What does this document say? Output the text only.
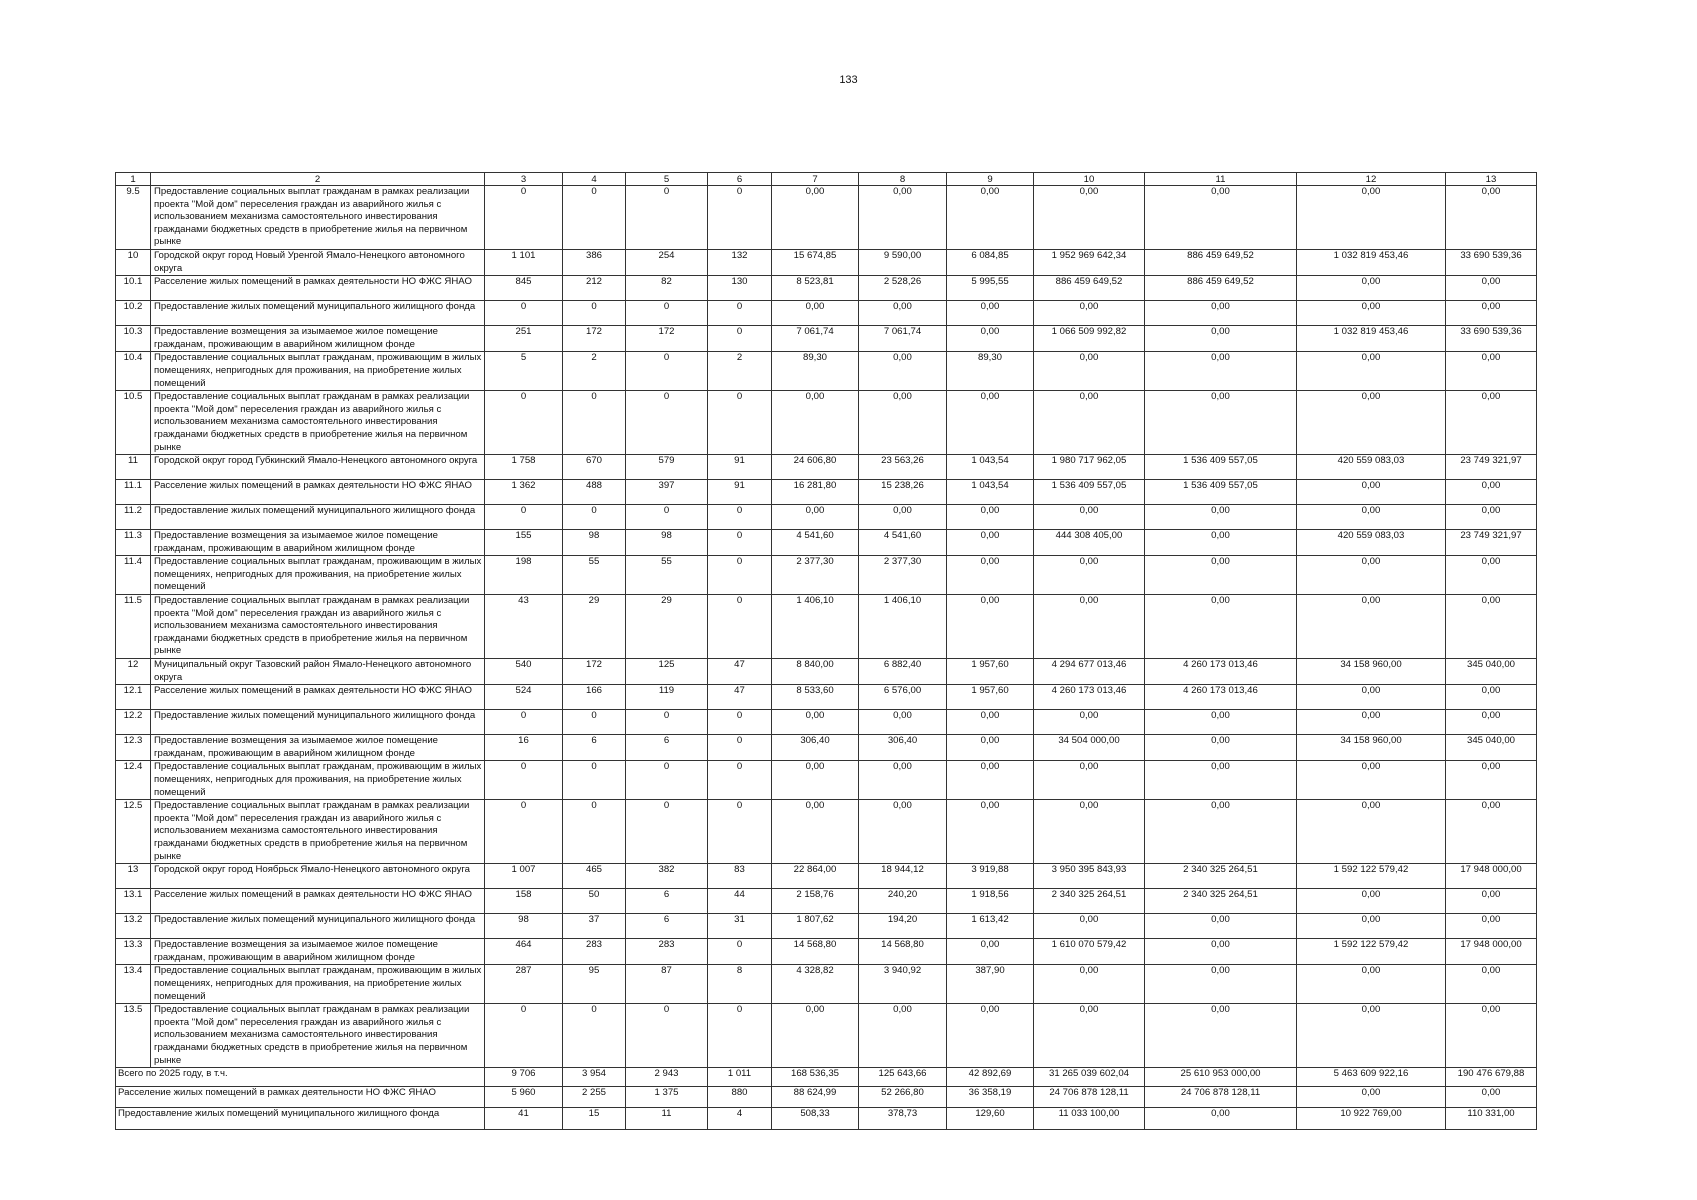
133
1	2	3	4	5	6	7	8	9	10	11	12	13
9.5	Предоставление социальных выплат гражданам в рамках реализации проекта "Мой дом" переселения граждан из аварийного жилья с использованием механизма самостоятельного инвестирования гражданами бюджетных средств в приобретение жилья на первичном рынке	0	0	0	0	0,00	0,00	0,00	0,00	0,00	0,00	0,00
10	Городской округ город Новый Уренгой Ямало-Ненецкого автономного округа	1 101	386	254	132	15 674,85	9 590,00	6 084,85	1 952 969 642,34	886 459 649,52	1 032 819 453,46	33 690 539,36
10.1	Расселение жилых помещений в рамках деятельности НО ФЖС ЯНАО	845	212	82	130	8 523,81	2 528,26	5 995,55	886 459 649,52	886 459 649,52	0,00	0,00
10.2	Предоставление жилых помещений муниципального жилищного фонда	0	0	0	0	0,00	0,00	0,00	0,00	0,00	0,00	0,00
10.3	Предоставление возмещения за изымаемое жилое помещение гражданам, проживающим в аварийном жилищном фонде	251	172	172	0	7 061,74	7 061,74	0,00	1 066 509 992,82	0,00	1 032 819 453,46	33 690 539,36
10.4	Предоставление социальных выплат гражданам, проживающим в жилых помещениях, непригодных для проживания, на приобретение жилых помещений	5	2	0	2	89,30	0,00	89,30	0,00	0,00	0,00	0,00
10.5	Предоставление социальных выплат гражданам в рамках реализации проекта "Мой дом" переселения граждан из аварийного жилья с использованием механизма самостоятельного инвестирования гражданами бюджетных средств в приобретение жилья на первичном рынке	0	0	0	0	0,00	0,00	0,00	0,00	0,00	0,00	0,00
11	Городской округ город Губкинский Ямало-Ненецкого автономного округа	1 758	670	579	91	24 606,80	23 563,26	1 043,54	1 980 717 962,05	1 536 409 557,05	420 559 083,03	23 749 321,97
11.1	Расселение жилых помещений в рамках деятельности НО ФЖС ЯНАО	1 362	488	397	91	16 281,80	15 238,26	1 043,54	1 536 409 557,05	1 536 409 557,05	0,00	0,00
11.2	Предоставление жилых помещений муниципального жилищного фонда	0	0	0	0	0,00	0,00	0,00	0,00	0,00	0,00	0,00
11.3	Предоставление возмещения за изымаемое жилое помещение гражданам, проживающим в аварийном жилищном фонде	155	98	98	0	4 541,60	4 541,60	0,00	444 308 405,00	0,00	420 559 083,03	23 749 321,97
11.4	Предоставление социальных выплат гражданам, проживающим в жилых помещениях, непригодных для проживания, на приобретение жилых помещений	198	55	55	0	2 377,30	2 377,30	0,00	0,00	0,00	0,00	0,00
11.5	Предоставление социальных выплат гражданам в рамках реализации проекта "Мой дом" переселения граждан из аварийного жилья с использованием механизма самостоятельного инвестирования гражданами бюджетных средств в приобретение жилья на первичном рынке	43	29	29	0	1 406,10	1 406,10	0,00	0,00	0,00	0,00	0,00
12	Муниципальный округ Тазовский район Ямало-Ненецкого автономного округа	540	172	125	47	8 840,00	6 882,40	1 957,60	4 294 677 013,46	4 260 173 013,46	34 158 960,00	345 040,00
12.1	Расселение жилых помещений в рамках деятельности НО ФЖС ЯНАО	524	166	119	47	8 533,60	6 576,00	1 957,60	4 260 173 013,46	4 260 173 013,46	0,00	0,00
12.2	Предоставление жилых помещений муниципального жилищного фонда	0	0	0	0	0,00	0,00	0,00	0,00	0,00	0,00	0,00
12.3	Предоставление возмещения за изымаемое жилое помещение гражданам, проживающим в аварийном жилищном фонде	16	6	6	0	306,40	306,40	0,00	34 504 000,00	0,00	34 158 960,00	345 040,00
12.4	Предоставление социальных выплат гражданам, проживающим в жилых помещениях, непригодных для проживания, на приобретение жилых помещений	0	0	0	0	0,00	0,00	0,00	0,00	0,00	0,00	0,00
12.5	Предоставление социальных выплат гражданам в рамках реализации проекта "Мой дом" переселения граждан из аварийного жилья с использованием механизма самостоятельного инвестирования гражданами бюджетных средств в приобретение жилья на первичном рынке	0	0	0	0	0,00	0,00	0,00	0,00	0,00	0,00	0,00
13	Городской округ город Ноябрьск Ямало-Ненецкого автономного округа	1 007	465	382	83	22 864,00	18 944,12	3 919,88	3 950 395 843,93	2 340 325 264,51	1 592 122 579,42	17 948 000,00
13.1	Расселение жилых помещений в рамках деятельности НО ФЖС ЯНАО	158	50	6	44	2 158,76	240,20	1 918,56	2 340 325 264,51	2 340 325 264,51	0,00	0,00
13.2	Предоставление жилых помещений муниципального жилищного фонда	98	37	6	31	1 807,62	194,20	1 613,42	0,00	0,00	0,00	0,00
13.3	Предоставление возмещения за изымаемое жилое помещение гражданам, проживающим в аварийном жилищном фонде	464	283	283	0	14 568,80	14 568,80	0,00	1 610 070 579,42	0,00	1 592 122 579,42	17 948 000,00
13.4	Предоставление социальных выплат гражданам, проживающим в жилых помещениях, непригодных для проживания, на приобретение жилых помещений	287	95	87	8	4 328,82	3 940,92	387,90	0,00	0,00	0,00	0,00
13.5	Предоставление социальных выплат гражданам в рамках реализации проекта "Мой дом" переселения граждан из аварийного жилья с использованием механизма самостоятельного инвестирования гражданами бюджетных средств в приобретение жилья на первичном рынке	0	0	0	0	0,00	0,00	0,00	0,00	0,00	0,00	0,00
Всего по 2025 году, в т.ч.		9 706	3 954	2 943	1 011	168 536,35	125 643,66	42 892,69	31 265 039 602,04	25 610 953 000,00	5 463 609 922,16	190 476 679,88
Расселение жилых помещений в рамках деятельности НО ФЖС ЯНАО		5 960	2 255	1 375	880	88 624,99	52 266,80	36 358,19	24 706 878 128,11	24 706 878 128,11	0,00	0,00
Предоставление жилых помещений муниципального жилищного фонда		41	15	11	4	508,33	378,73	129,60	11 033 100,00	0,00	10 922 769,00	110 331,00
